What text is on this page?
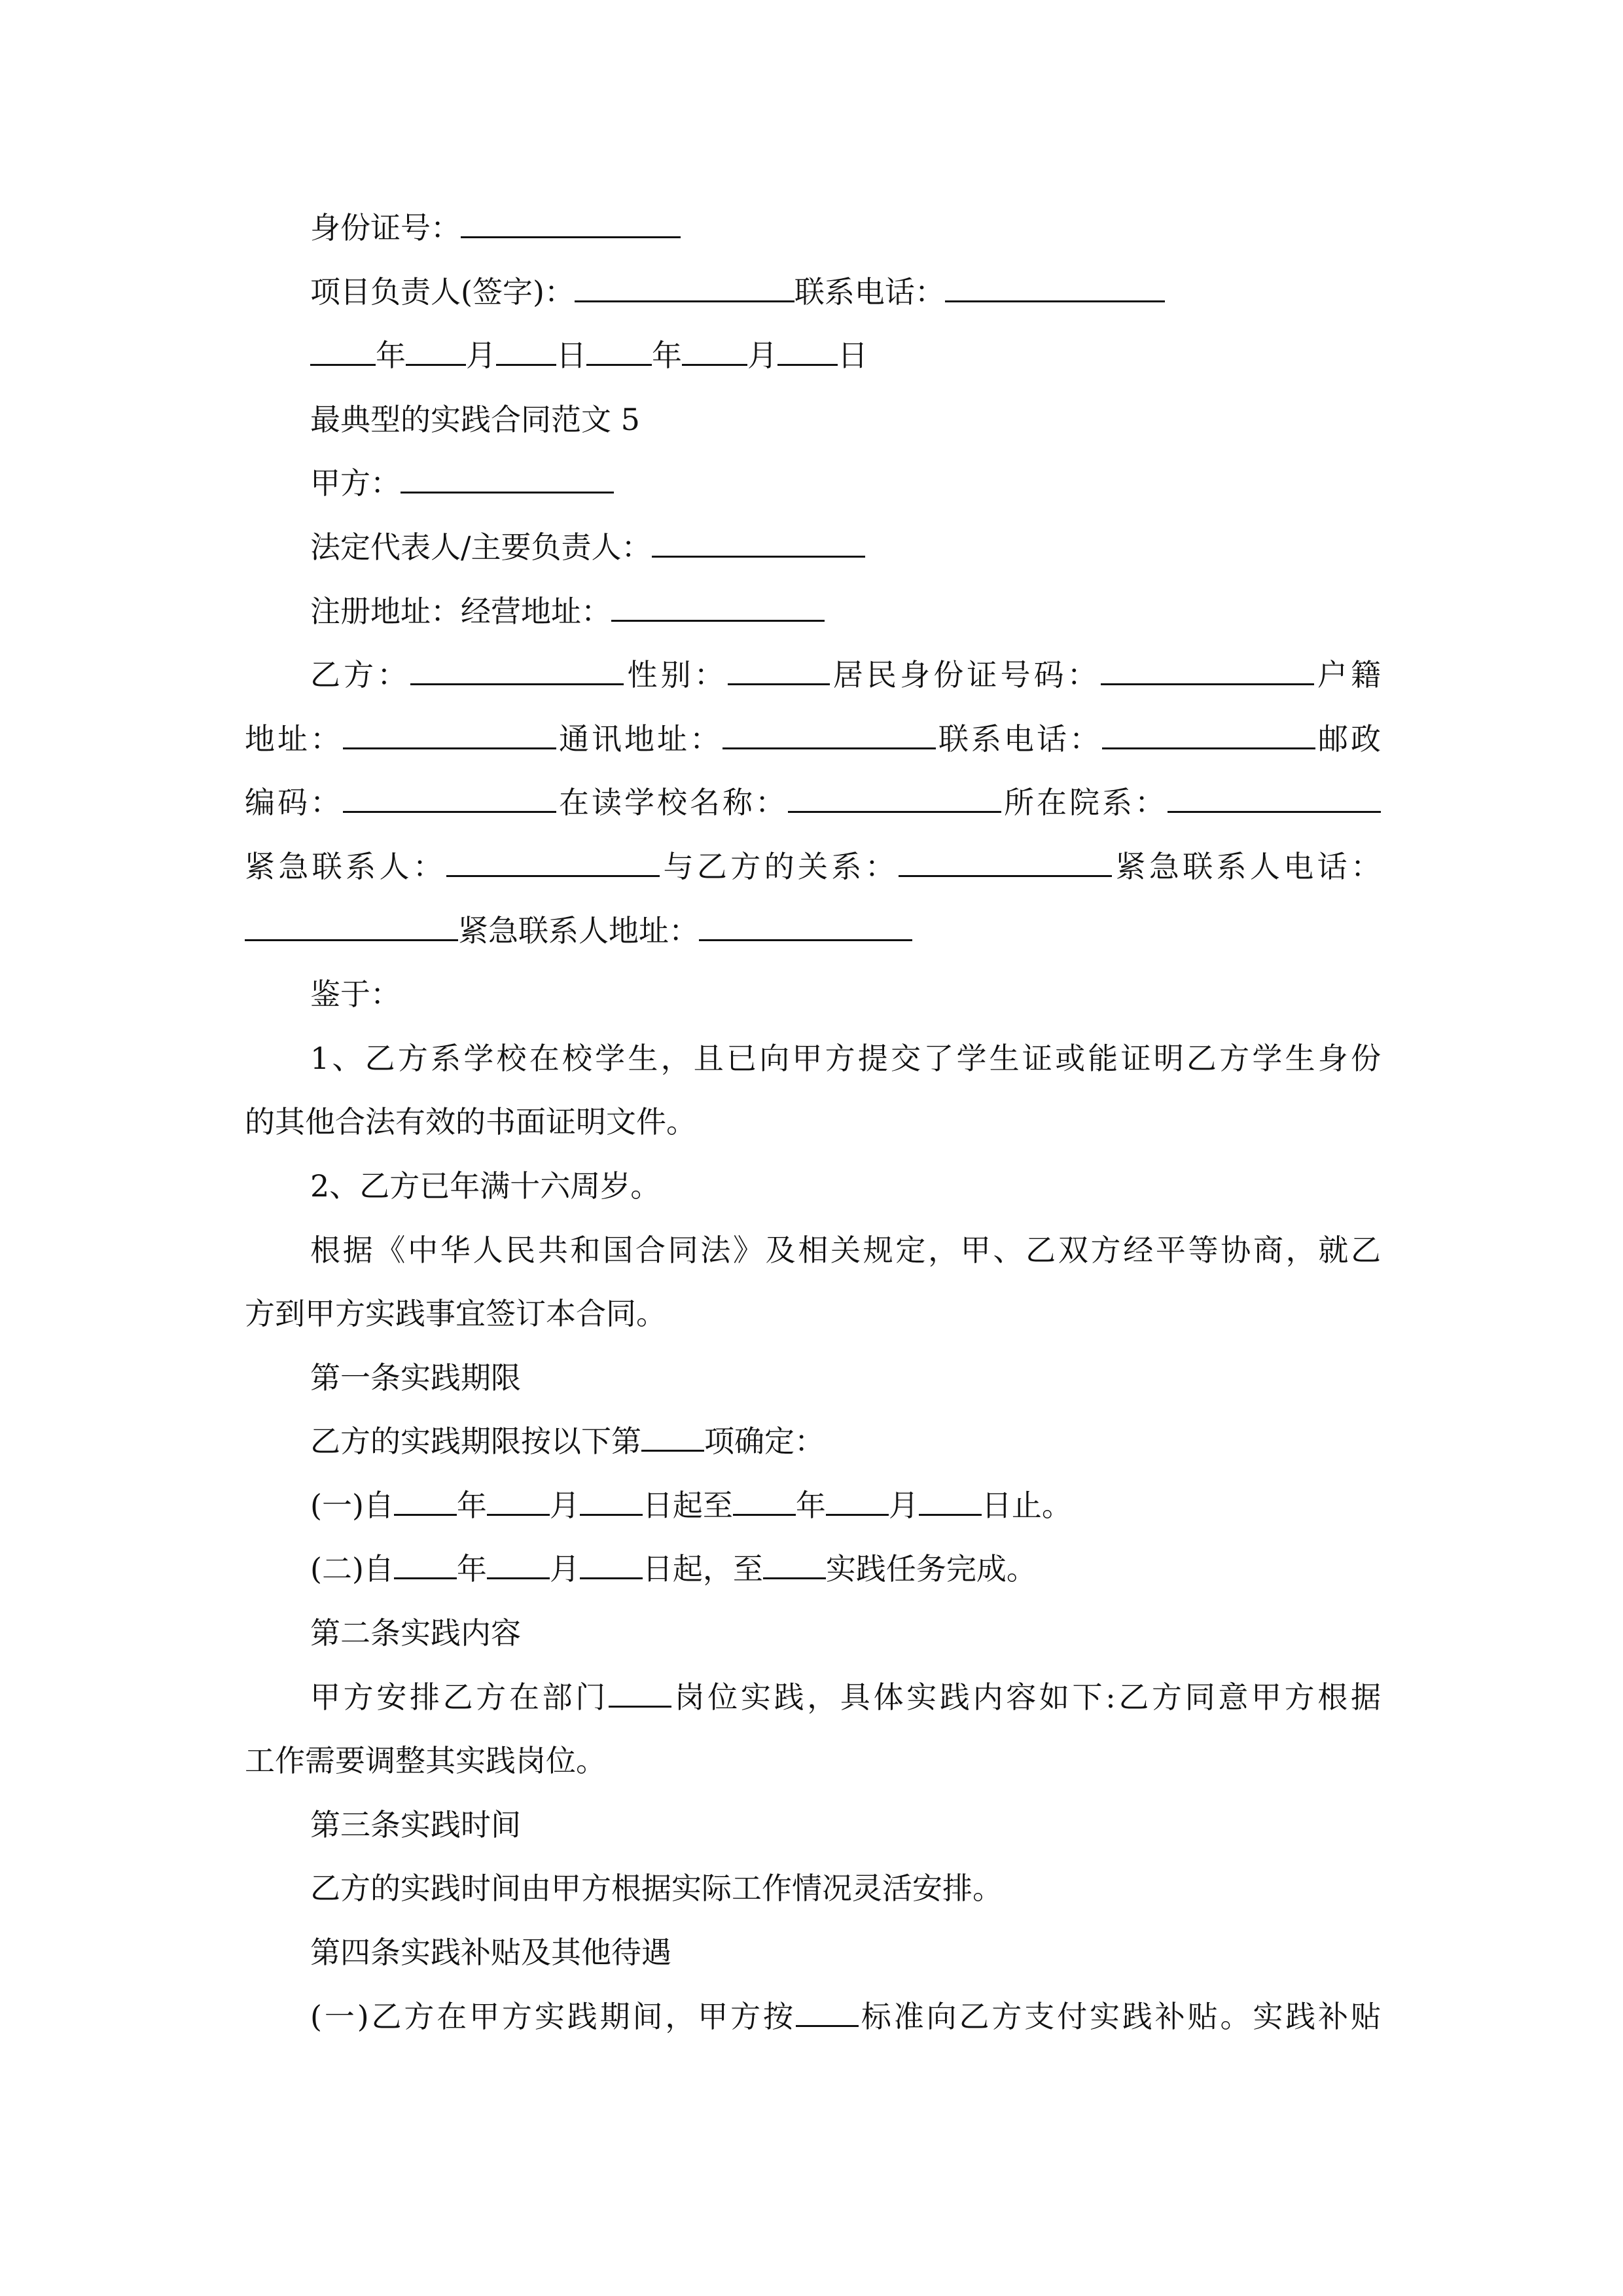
身份证号：
项目负责人(签字)：	联系电话：
年 月 日 年 月 日
最典型的实践合同范文 5
甲方：
法定代表人/主要负责人：
注册地址：经营地址：
乙方：	性别：	居民身份证号码：	户籍
地址：	通讯地址：	联系电话：	邮政
编码：	在读学校名称：	所在院系：
紧急联系人：	与乙方的关系：	紧急联系人电话：
紧急联系人地址：
鉴于：
1、乙方系学校在校学生，且已向甲方提交了学生证或能证明乙方学生身份
的其他合法有效的书面证明文件。
2、乙方已年满十六周岁。
根据《中华人民共和国合同法》及相关规定，甲、乙双方经平等协商，就乙
方到甲方实践事宜签订本合同。
第一条实践期限
乙方的实践期限按以下第 项确定：
(一)自 年 月 日起至 年 月 日止。
(二)自 年 月 日起，至 实践任务完成。
第二条实践内容
甲方安排乙方在部门 岗位实践，具体实践内容如下:乙方同意甲方根据
工作需要调整其实践岗位。
第三条实践时间
乙方的实践时间由甲方根据实际工作情况灵活安排。
第四条实践补贴及其他待遇
(一)乙方在甲方实践期间，甲方按 标准向乙方支付实践补贴。实践补贴
